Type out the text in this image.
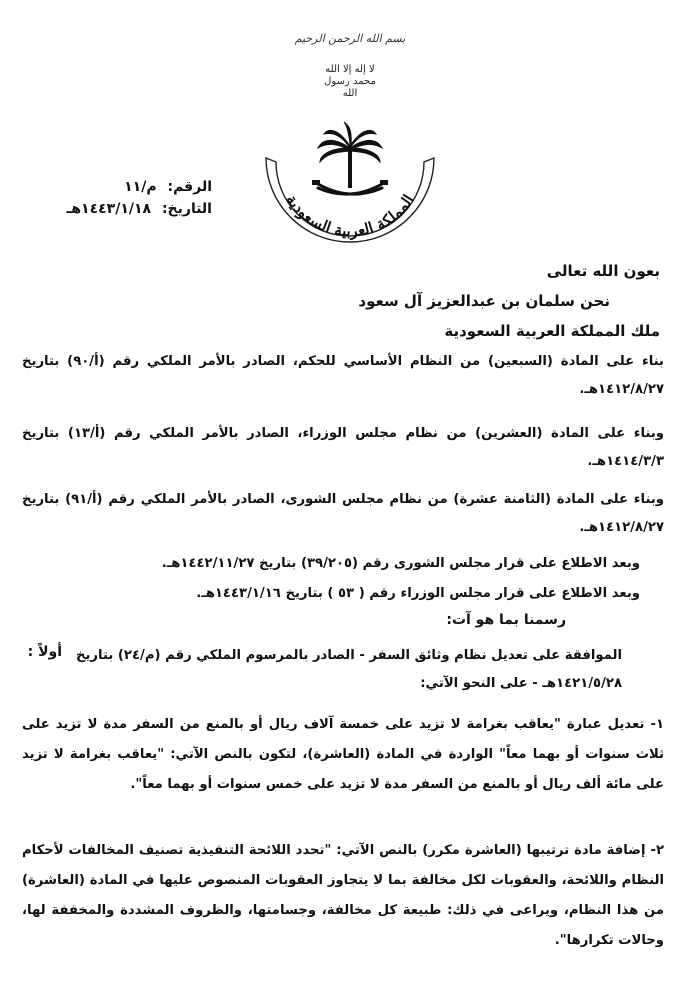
بسم الله الرحمن الرحيم
لا إله إلا الله محمد رسول الله
المملكة العربية السعودية
الرقم: م/١١
التاريخ: ١٤٤٣/١/١٨هـ
بعون الله تعالى
نحن سلمان بن عبدالعزيز آل سعود
ملك المملكة العربية السعودية

بناء على المادة (السبعين) من النظام الأساسي للحكم، الصادر بالأمر الملكي رقم (أ/٩٠) بتاريخ ١٤١٢/٨/٢٧هـ.

وبناء على المادة (العشرين) من نظام مجلس الوزراء، الصادر بالأمر الملكي رقم (أ/١٣) بتاريخ ١٤١٤/٣/٣هـ.

وبناء على المادة (الثامنة عشرة) من نظام مجلس الشورى، الصادر بالأمر الملكي رقم (أ/٩١) بتاريخ ١٤١٢/٨/٢٧هـ.

وبعد الاطلاع على قرار مجلس الشورى رقم (٣٩/٢٠٥) بتاريخ ١٤٤٢/١١/٢٧هـ.

وبعد الاطلاع على قرار مجلس الوزراء رقم ( ٥٣ ) بتاريخ ١٤٤٣/١/١٦هـ.

رسمنا بما هو آت:
أولاً :	الموافقة على تعديل نظام وثائق السفر - الصادر بالمرسوم الملكي رقم (م/٢٤) بتاريخ ١٤٢١/٥/٢٨هـ - على النحو الآتي:

١- تعديل عبارة "يعاقب بغرامة لا تزيد على خمسة آلاف ريال أو بالمنع من السفر مدة لا تزيد على ثلاث سنوات أو بهما معاً" الواردة في المادة (العاشرة)، لتكون بالنص الآتي: "يعاقب بغرامة لا تزيد على مائة ألف ريال أو بالمنع من السفر مدة لا تزيد على خمس سنوات أو بهما معاً".

٢- إضافة مادة ترتيبها (العاشرة مكرر) بالنص الآتي: "تحدد اللائحة التنفيذية تصنيف المخالفات لأحكام النظام واللائحة، والعقوبات لكل مخالفة بما لا يتجاوز العقوبات المنصوص عليها في المادة (العاشرة) من هذا النظام، ويراعى في ذلك: طبيعة كل مخالفة، وجسامتها، والظروف المشددة والمخففة لها، وحالات تكرارها".
